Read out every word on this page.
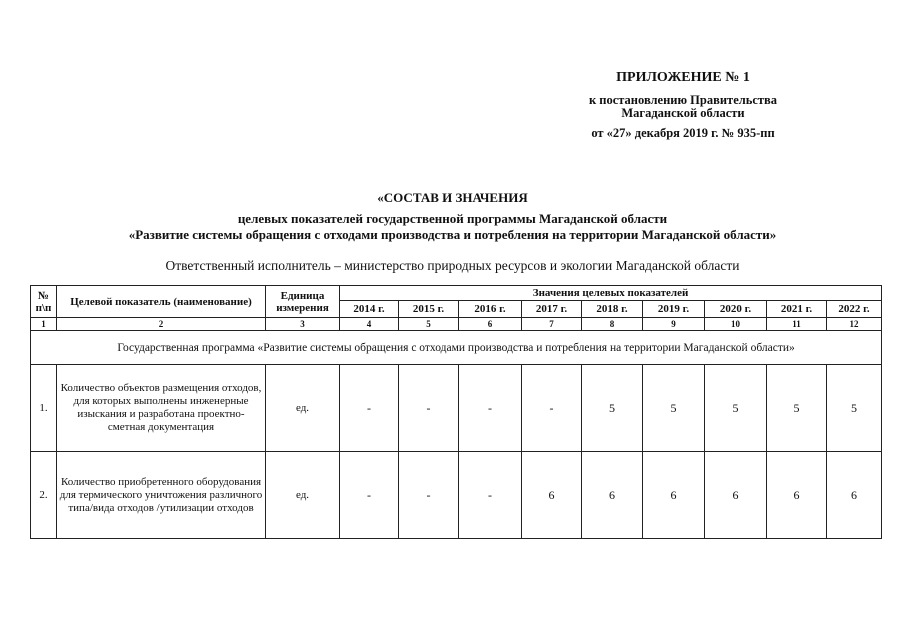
ПРИЛОЖЕНИЕ № 1
к постановлению Правительства
Магаданской области
от «27» декабря 2019 г. № 935-пп
«СОСТАВ И ЗНАЧЕНИЯ
целевых показателей государственной программы Магаданской области
«Развитие системы обращения с отходами производства и потребления на территории Магаданской области»
Ответственный исполнитель – министерство природных ресурсов и экологии Магаданской области
№ п\п	Целевой показатель (наименование)	Единица измерения	Значения целевых показателей								
			2014 г.	2015 г.	2016 г.	2017 г.	2018 г.	2019 г.	2020 г.	2021 г.	2022 г.
1	2	3	4	5	6	7	8	9	10	11	12
Государственная программа «Развитие системы обращения с отходами производства и потребления на территории Магаданской области»											
1.	Количество объектов размещения отходов, для которых выполнены инженерные изыскания и разработана проектно-сметная документация	ед.	-	-	-	-	5	5	5	5	5
2.	Количество приобретенного оборудования для термического уничтожения различного типа/вида отходов /утилизации отходов	ед.	-	-	-	6	6	6	6	6	6
